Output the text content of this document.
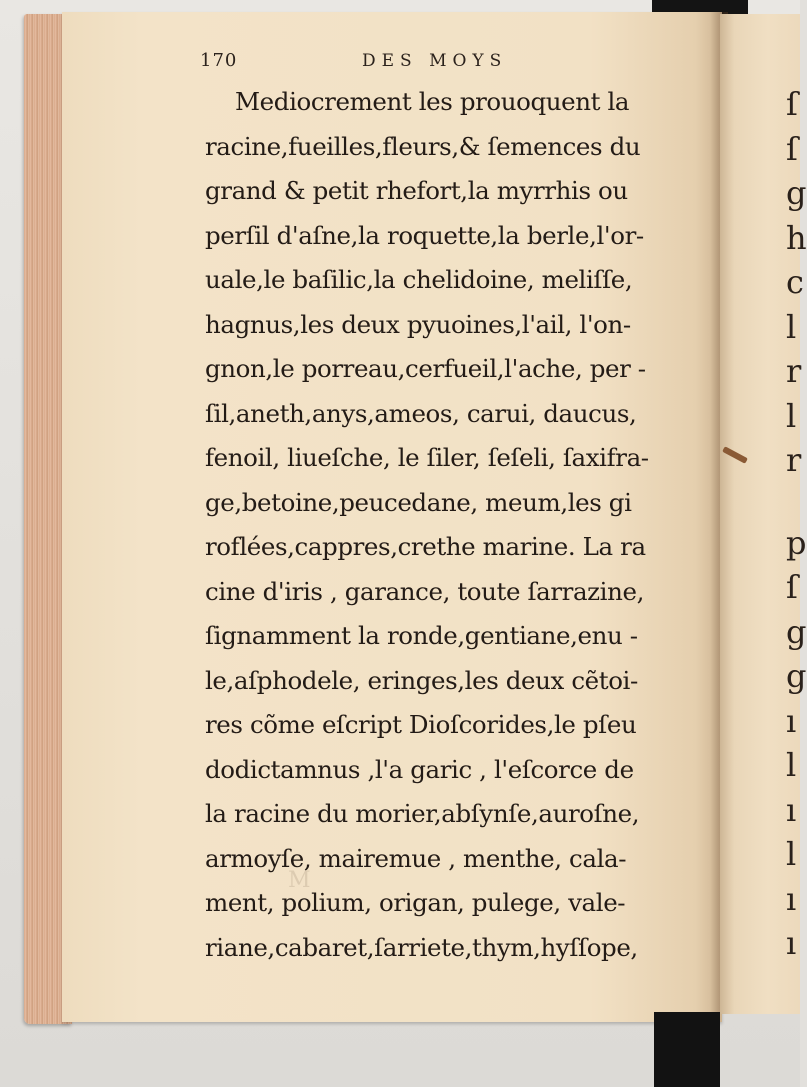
ſ
ſ
g
h
c
l
r
l
r
p
ſ
g
g
ı
l
ı
l
ı
ı
170	DES MOYS
Mediocrement les prouoquent la
racine,fueilles,fleurs,& ſemences du
grand & petit rhefort,la myrrhis ou
perſil d'aſne,la roquette,la berle,l'or-
uale,le baſilic,la chelidoine, meliſſe,
hagnus,les deux pyuoines,l'ail, l'on-
gnon,le porreau,cerfueil,l'ache, per -
ſil,aneth,anys,ameos, carui, daucus,
fenoil, liueſche, le ſiler, ſeſeli, ſaxifra-
ge,betoine,peucedane, meum,les gi
roflées,cappres,crethe marine. La ra
cine d'iris , garance, toute ſarrazine,
ſignamment la ronde,gentiane,enu -
le,aſphodele, eringes,les deux cẽtoi-
res cõme eſcript Dioſcorides,le pſeu
dodictamnus ,l'a garic , l'eſcorce de
la racine du morier,abſynſe,auroſne,
armoyſe, mairemue , menthe, cala-
ment, polium, origan, pulege, vale-
riane,cabaret,ſarriete,thym,hyſſope,
M
